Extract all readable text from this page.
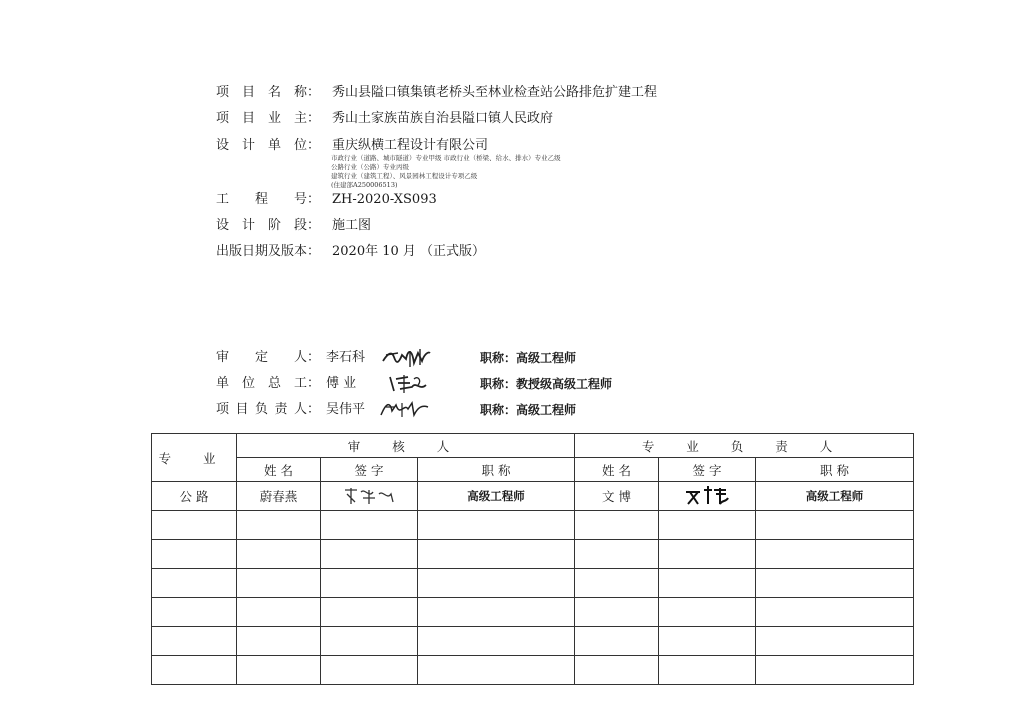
项 目 名 称： 秀山县隘口镇集镇老桥头至林业检查站公路排危扩建工程
项 目 业 主： 秀山土家族苗族自治县隘口镇人民政府
设 计 单 位： 重庆纵横工程设计有限公司
市政行业（道路、城市隧道）专业甲级 市政行业（桥梁、给水、排水）专业乙级
公路行业（公路）专业丙级
建筑行业（建筑工程）、风景园林工程设计专项乙级
(住建部A250006513)
工 程 号： ZH-2020-XS093
设 计 阶 段： 施工图
出版日期及版本： 2020年 10 月 （正式版）
审 定 人： 李石科	职称：高级工程师
单 位 总 工： 傅 业	职称：教授级高级工程师
项 目 负 责 人： 吴伟平	职称：高级工程师
专 业	审 核 人			专 业 负 责 人		
	姓 名	签 字	职 称	姓 名	签 字	职 称
公 路	蔚春燕		高级工程师	文 博		高级工程师
